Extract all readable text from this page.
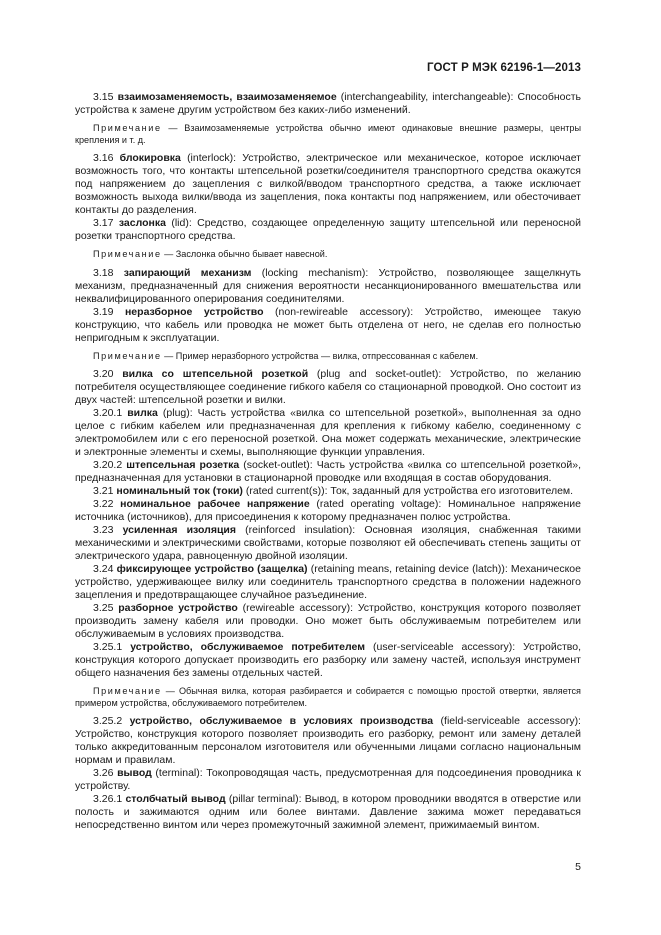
ГОСТ Р МЭК 62196-1—2013

3.15 взаимозаменяемость, взаимозаменяемое (interchangeability, interchangeable): Способность устройства к замене другим устройством без каких-либо изменений.

Примечание — Взаимозаменяемые устройства обычно имеют одинаковые внешние размеры, центры крепления и т. д.

3.16 блокировка (interlock): Устройство, электрическое или механическое, которое исключает возможность того, что контакты штепсельной розетки/соединителя транспортного средства окажутся под напряжением до зацепления с вилкой/вводом транспортного средства, а также исключает возможность выхода вилки/ввода из зацепления, пока контакты под напряжением, или обесточивает контакты до разделения.

3.17 заслонка (lid): Средство, создающее определенную защиту штепсельной или переносной розетки транспортного средства.

Примечание — Заслонка обычно бывает навесной.

3.18 запирающий механизм (locking mechanism): Устройство, позволяющее защелкнуть механизм, предназначенный для снижения вероятности несанкционированного вмешательства или неквалифицированного оперирования соединителями.

3.19 неразборное устройство (non-rewireable accessory): Устройство, имеющее такую конструкцию, что кабель или проводка не может быть отделена от него, не сделав его полностью непригодным к эксплуатации.

Примечание — Пример неразборного устройства — вилка, отпрессованная с кабелем.

3.20 вилка со штепсельной розеткой (plug and socket-outlet): Устройство, по желанию потребителя осуществляющее соединение гибкого кабеля со стационарной проводкой. Оно состоит из двух частей: штепсельной розетки и вилки.

3.20.1 вилка (plug): Часть устройства «вилка со штепсельной розеткой», выполненная за одно целое с гибким кабелем или предназначенная для крепления к гибкому кабелю, соединенному с электромобилем или с его переносной розеткой. Она может содержать механические, электрические и электронные элементы и схемы, выполняющие функции управления.

3.20.2 штепсельная розетка (socket-outlet): Часть устройства «вилка со штепсельной розеткой», предназначенная для установки в стационарной проводке или входящая в состав оборудования.

3.21 номинальный ток (токи) (rated current(s)): Ток, заданный для устройства его изготовителем.

3.22 номинальное рабочее напряжение (rated operating voltage): Номинальное напряжение источника (источников), для присоединения к которому предназначен полюс устройства.

3.23 усиленная изоляция (reinforced insulation): Основная изоляция, снабженная такими механическими и электрическими свойствами, которые позволяют ей обеспечивать степень защиты от электрического удара, равноценную двойной изоляции.

3.24 фиксирующее устройство (защелка) (retaining means, retaining device (latch)): Механическое устройство, удерживающее вилку или соединитель транспортного средства в положении надежного зацепления и предотвращающее случайное разъединение.

3.25 разборное устройство (rewireable accessory): Устройство, конструкция которого позволяет производить замену кабеля или проводки. Оно может быть обслуживаемым потребителем или обслуживаемым в условиях производства.

3.25.1 устройство, обслуживаемое потребителем (user-serviceable accessory): Устройство, конструкция которого допускает производить его разборку или замену частей, используя инструмент общего назначения без замены отдельных частей.

Примечание — Обычная вилка, которая разбирается и собирается с помощью простой отвертки, является примером устройства, обслуживаемого потребителем.

3.25.2 устройство, обслуживаемое в условиях производства (field-serviceable accessory): Устройство, конструкция которого позволяет производить его разборку, ремонт или замену деталей только аккредитованным персоналом изготовителя или обученными лицами согласно национальным нормам и правилам.

3.26 вывод (terminal): Токопроводящая часть, предусмотренная для подсоединения проводника к устройству.

3.26.1 столбчатый вывод (pillar terminal): Вывод, в котором проводники вводятся в отверстие или полость и зажимаются одним или более винтами. Давление зажима может передаваться непосредственно винтом или через промежуточный зажимной элемент, прижимаемый винтом.

5
